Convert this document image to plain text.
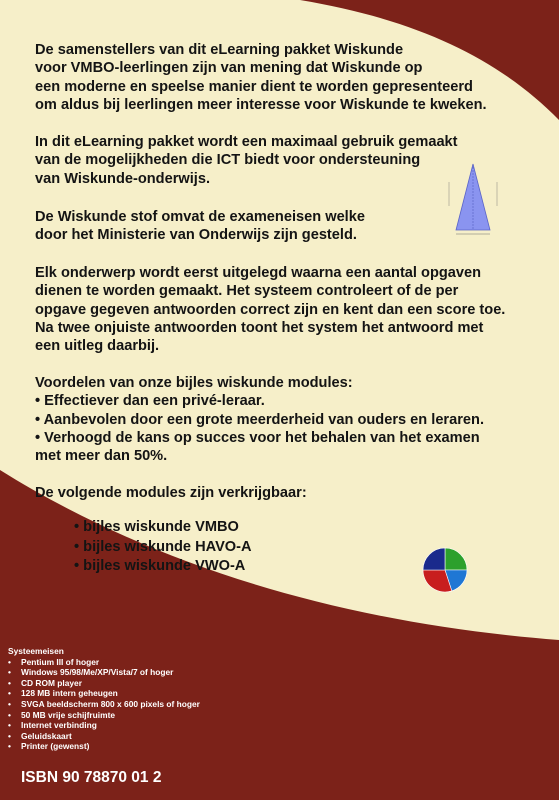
De samenstellers van dit eLearning pakket Wiskunde
voor VMBO-leerlingen zijn van mening dat Wiskunde op
een moderne en speelse manier dient te worden gepresenteerd
om aldus bij leerlingen meer interesse voor Wiskunde te kweken.
In dit eLearning pakket wordt een maximaal gebruik gemaakt
van de mogelijkheden die ICT biedt voor ondersteuning
van Wiskunde-onderwijs.
De Wiskunde stof omvat de exameneisen welke
door het Ministerie van Onderwijs zijn gesteld.
Elk onderwerp wordt eerst uitgelegd waarna een aantal opgaven
dienen te worden gemaakt. Het systeem controleert of de per
opgave gegeven antwoorden correct zijn en kent dan een score toe.
Na twee onjuiste antwoorden toont het system het antwoord met
een uitleg daarbij.
Voordelen van onze bijles wiskunde modules:
• Effectiever dan een privé-leraar.
• Aanbevolen door een grote meerderheid van ouders en leraren.
• Verhoogd de kans op succes voor het behalen van het examen
met meer dan 50%.
De volgende modules zijn verkrijgbaar:
• bijles wiskunde VMBO
• bijles wiskunde HAVO-A
• bijles wiskunde VWO-A
Systeemeisen
• Pentium III of hoger
• Windows 95/98/Me/XP/Vista/7 of hoger
• CD ROM player
• 128 MB intern geheugen
• SVGA beeldscherm 800 x 600 pixels of hoger
• 50 MB vrije schijfruimte
• Internet verbinding
• Geluidskaart
• Printer (gewenst)
ISBN 90 78870 01 2
